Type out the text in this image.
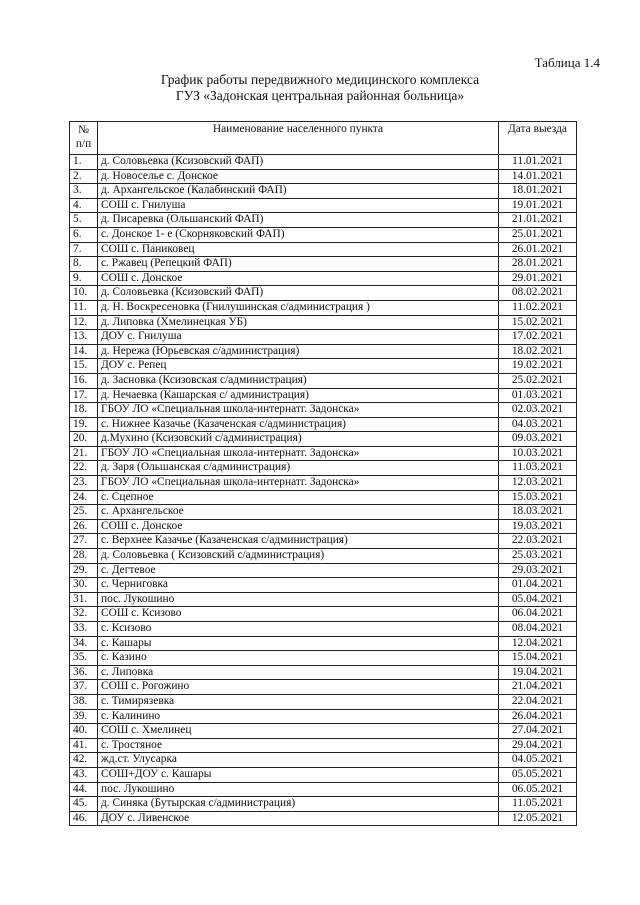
Таблица 1.4
График работы передвижного медицинского комплекса
ГУЗ «Задонская центральная районная больница»
№
п/п	Наименование населенного пункта	Дата выезда
1.	д. Соловьевка (Ксизовский ФАП)	11.01.2021
2.	д. Новоселье с. Донское	14.01.2021
3.	д. Архангельское (Калабинский ФАП)	18.01.2021
4.	СОШ с. Гнилуша	19.01.2021
5.	д. Писаревка (Ольшанский ФАП)	21.01.2021
6.	с. Донское 1- е (Скорняковский ФАП)	25.01.2021
7.	СОШ с. Паниковец	26.01.2021
8.	с. Ржавец (Репецкий ФАП)	28.01.2021
9.	СОШ с. Донское	29.01.2021
10.	д. Соловьевка (Ксизовский ФАП)	08.02.2021
11.	д. Н. Воскресеновка (Гнилушинская с/администрация )	11.02.2021
12.	д. Липовка (Хмелинецкая УБ)	15.02.2021
13.	ДОУ с. Гнилуша	17.02.2021
14.	д. Нережа (Юрьевская с/администрация)	18.02.2021
15.	ДОУ с. Репец	19.02.2021
16.	д. Засновка (Ксизовская с/администрация)	25.02.2021
17.	д. Нечаевка (Кашарская с/ администрация)	01.03.2021
18.	ГБОУ ЛО «Специальная школа-интернатг. Задонска»	02.03.2021
19.	с. Нижнее Казачье (Казаченская с/администрация)	04.03.2021
20.	д.Мухино (Ксизовский с/администрация)	09.03.2021
21.	ГБОУ ЛО «Специальная школа-интернатг. Задонска»	10.03.2021
22.	д. Заря (Ольшанская с/администрация)	11.03.2021
23.	ГБОУ ЛО «Специальная школа-интернатг. Задонска»	12.03.2021
24.	с. Сцепное	15.03.2021
25.	с. Архангельское	18.03.2021
26.	СОШ с. Донское	19.03.2021
27.	с. Верхнее Казачье (Казаченская с/администрация)	22.03.2021
28.	д. Соловьевка ( Ксизовский с/администрация)	25.03.2021
29.	с. Дегтевое	29.03.2021
30.	с. Черниговка	01.04.2021
31.	пос. Лукошино	05.04.2021
32.	СОШ с. Ксизово	06.04.2021
33.	с. Ксизово	08.04.2021
34.	с. Кашары	12.04.2021
35.	с. Казино	15.04.2021
36.	с. Липовка	19.04.2021
37.	СОШ с. Рогожино	21.04.2021
38.	с. Тимирязевка	22.04.2021
39.	с. Калинино	26.04.2021
40.	СОШ с. Хмелинец	27.04.2021
41.	с. Тростяное	29.04.2021
42.	жд.ст. Улусарка	04.05.2021
43.	СОШ+ДОУ с. Кашары	05.05.2021
44.	пос. Лукошино	06.05.2021
45.	д. Синяка (Бутырская с/администрация)	11.05.2021
46.	ДОУ с. Ливенское	12.05.2021
